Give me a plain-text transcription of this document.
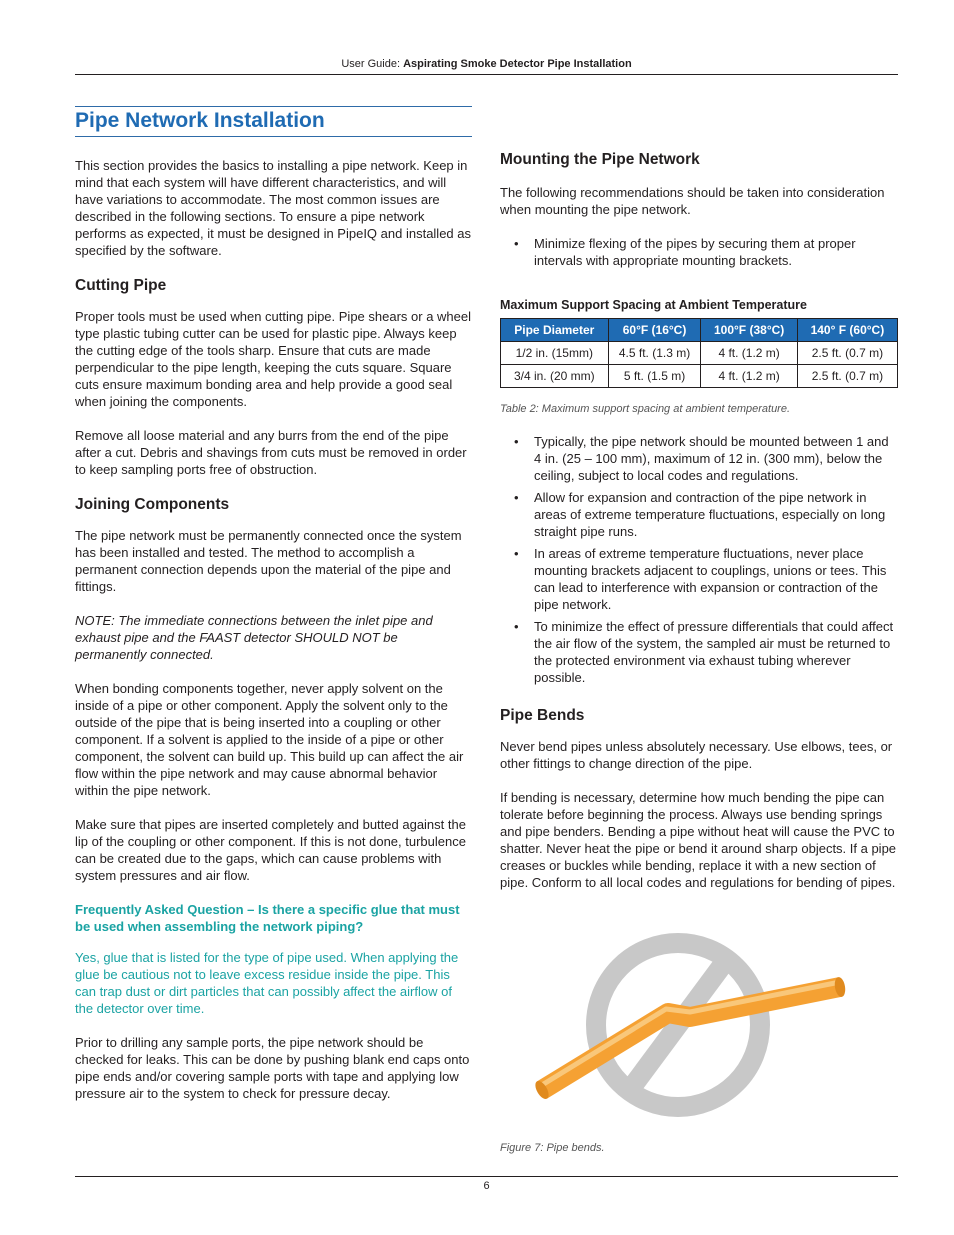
User Guide: Aspirating Smoke Detector Pipe Installation
Pipe Network Installation

This section provides the basics to installing a pipe network. Keep in mind that each system will have different characteristics, and will have variations to accommodate. The most common issues are described in the following sections. To ensure a pipe network performs as expected, it must be designed in PipeIQ and installed as specified by the software.

Cutting Pipe

Proper tools must be used when cutting pipe. Pipe shears or a wheel type plastic tubing cutter can be used for plastic pipe. Always keep the cutting edge of the tools sharp. Ensure that cuts are made perpendicular to the pipe length, keeping the cuts square. Square cuts ensure maximum bonding area and help provide a good seal when joining the components.

Remove all loose material and any burrs from the end of the pipe after a cut. Debris and shavings from cuts must be removed in order to keep sampling ports free of obstruction.

Joining Components

The pipe network must be permanently connected once the system has been installed and tested. The method to accomplish a permanent connection depends upon the material of the pipe and fittings.

NOTE: The immediate connections between the inlet pipe and exhaust pipe and the FAAST detector SHOULD NOT be permanently connected.

When bonding components together, never apply solvent on the inside of a pipe or other component. Apply the solvent only to the outside of the pipe that is being inserted into a coupling or other component. If a solvent is applied to the inside of a pipe or other component, the solvent can build up. This build up can affect the air flow within the pipe network and may cause abnormal behavior within the pipe network.

Make sure that pipes are inserted completely and butted against the lip of the coupling or other component. If this is not done, turbulence can be created due to the gaps, which can cause problems with system pressures and air flow.

Frequently Asked Question – Is there a specific glue that must be used when assembling the network piping?

Yes, glue that is listed for the type of pipe used. When applying the glue be cautious not to leave excess residue inside the pipe. This can trap dust or dirt particles that can possibly affect the airflow of the detector over time.

Prior to drilling any sample ports, the pipe network should be checked for leaks. This can be done by pushing blank end caps onto pipe ends and/or covering sample ports with tape and applying low pressure air to the system to check for pressure decay.

Mounting the Pipe Network

The following recommendations should be taken into consideration when mounting the pipe network.

• Minimize flexing of the pipes by securing them at proper intervals with appropriate mounting brackets.
Maximum Support Spacing at Ambient Temperature
Pipe Diameter	60°F (16°C)	100°F (38°C)	140° F (60°C)
1/2 in. (15mm)	4.5 ft. (1.3 m)	4 ft. (1.2 m)	2.5 ft. (0.7 m)
3/4 in. (20 mm)	5 ft. (1.5 m)	4 ft. (1.2 m)	2.5 ft. (0.7 m)
Table 2: Maximum support spacing at ambient temperature.
• Typically, the pipe network should be mounted between 1 and 4 in. (25 – 100 mm), maximum of 12 in. (300 mm), below the ceiling, subject to local codes and regulations.
• Allow for expansion and contraction of the pipe network in areas of extreme temperature fluctuations, especially on long straight pipe runs.
• In areas of extreme temperature fluctuations, never place mounting brackets adjacent to couplings, unions or tees. This can lead to interference with expansion or contraction of the pipe network.
• To minimize the effect of pressure differentials that could affect the air flow of the system, the sampled air must be returned to the protected environment via exhaust tubing wherever possible.
Pipe Bends

Never bend pipes unless absolutely necessary. Use elbows, tees, or other fittings to change direction of the pipe.

If bending is necessary, determine how much bending the pipe can tolerate before beginning the process. Always use bending springs and pipe benders. Bending a pipe without heat will cause the PVC to shatter. Never heat the pipe or bend it around sharp objects. If a pipe creases or buckles while bending, replace it with a new section of pipe. Conform to all local codes and regulations for bending of pipes.

Figure 7: Pipe bends.
6
